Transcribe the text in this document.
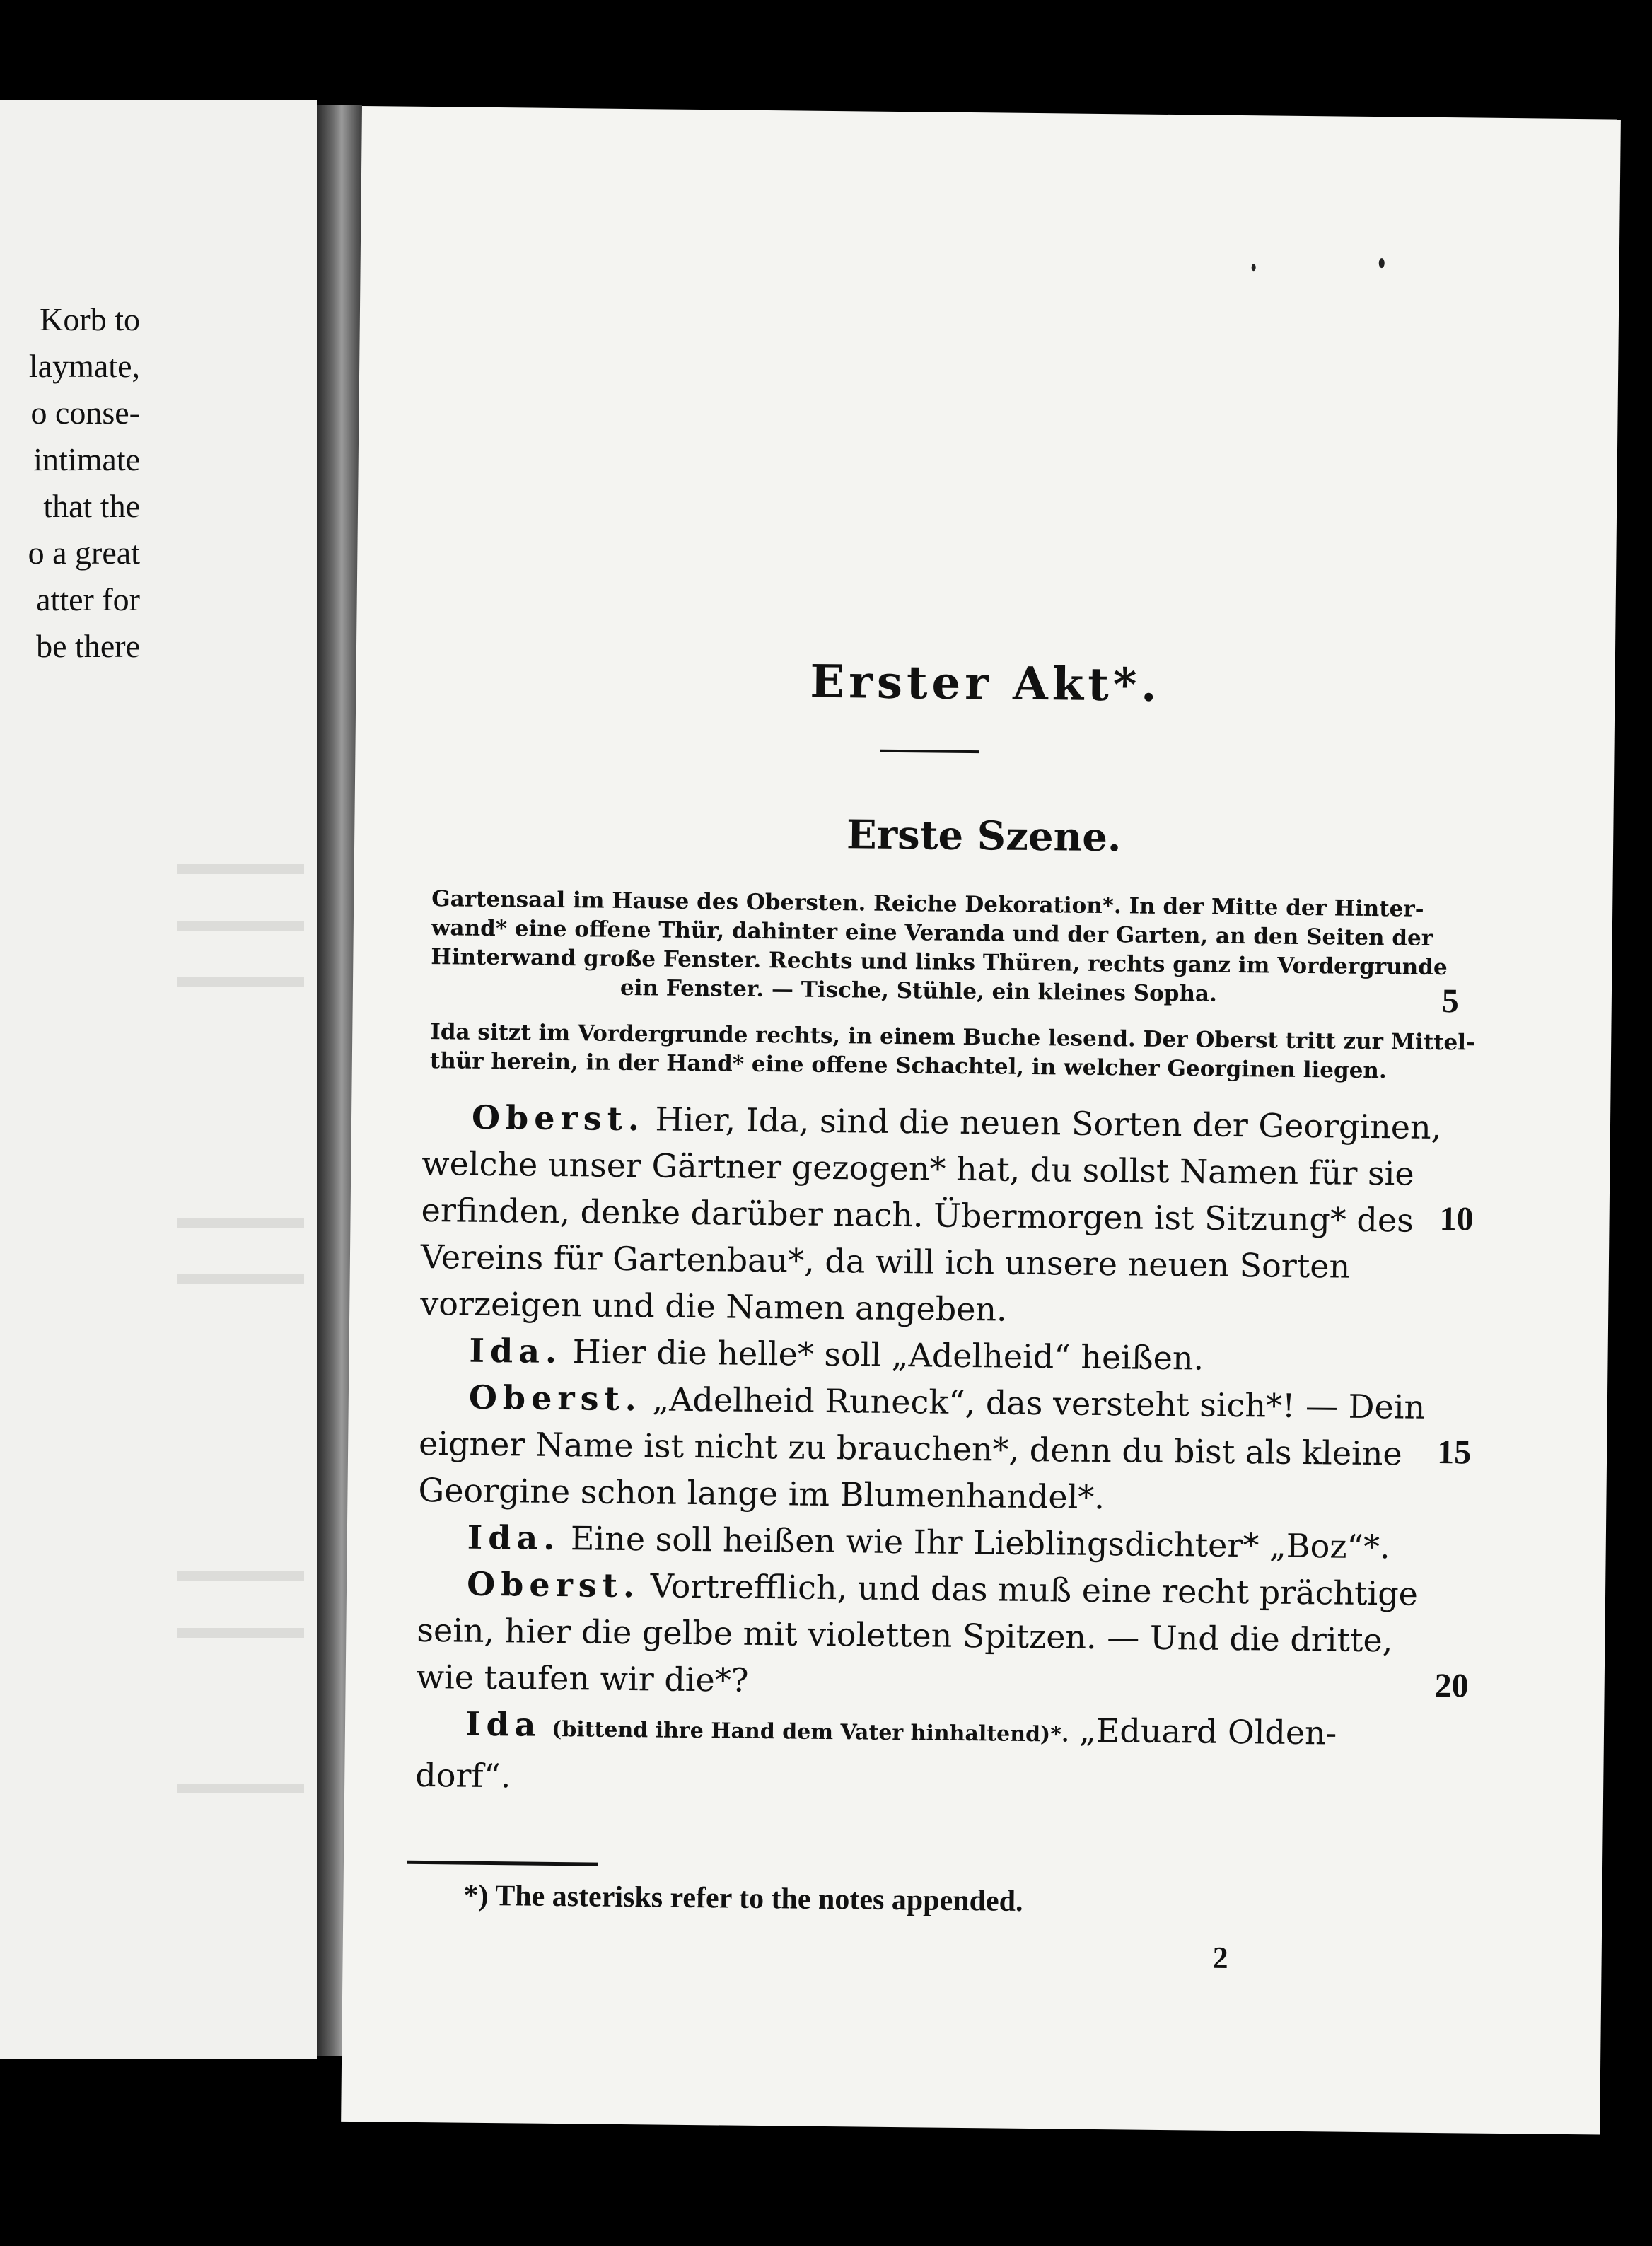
Korb to
laymate,
o conse-
intimate
that the
o a great
atter for
be there
Erster Akt*.
Erste Szene.
Gartensaal im Hause des Obersten. Reiche Dekoration*. In der Mitte der Hinter-
wand* eine offene Thür, dahinter eine Veranda und der Garten, an den Seiten der
Hinterwand große Fenster. Rechts und links Thüren, rechts ganz im Vordergrunde
ein Fenster. — Tische, Stühle, ein kleines Sopha.
Ida sitzt im Vordergrunde rechts, in einem Buche lesend. Der Oberst tritt zur Mittel-
thür herein, in der Hand* eine offene Schachtel, in welcher Georginen liegen.
Oberst. Hier, Ida, sind die neuen Sorten der Georginen,
welche unser Gärtner gezogen* hat, du sollst Namen für sie
erfinden, denke darüber nach. Übermorgen ist Sitzung* des
Vereins für Gartenbau*, da will ich unsere neuen Sorten
vorzeigen und die Namen angeben.
Ida. Hier die helle* soll „Adelheid“ heißen.
Oberst. „Adelheid Runeck“, das versteht sich*! — Dein
eigner Name ist nicht zu brauchen*, denn du bist als kleine
Georgine schon lange im Blumenhandel*.
Ida. Eine soll heißen wie Ihr Lieblingsdichter* „Boz“*.
Oberst. Vortrefflich, und das muß eine recht prächtige
sein, hier die gelbe mit violetten Spitzen. — Und die dritte,
wie taufen wir die*?
Ida (bittend ihre Hand dem Vater hinhaltend)*. „Eduard Olden-
dorf“.
5
10
15
20
*) The asterisks refer to the notes appended.
2
